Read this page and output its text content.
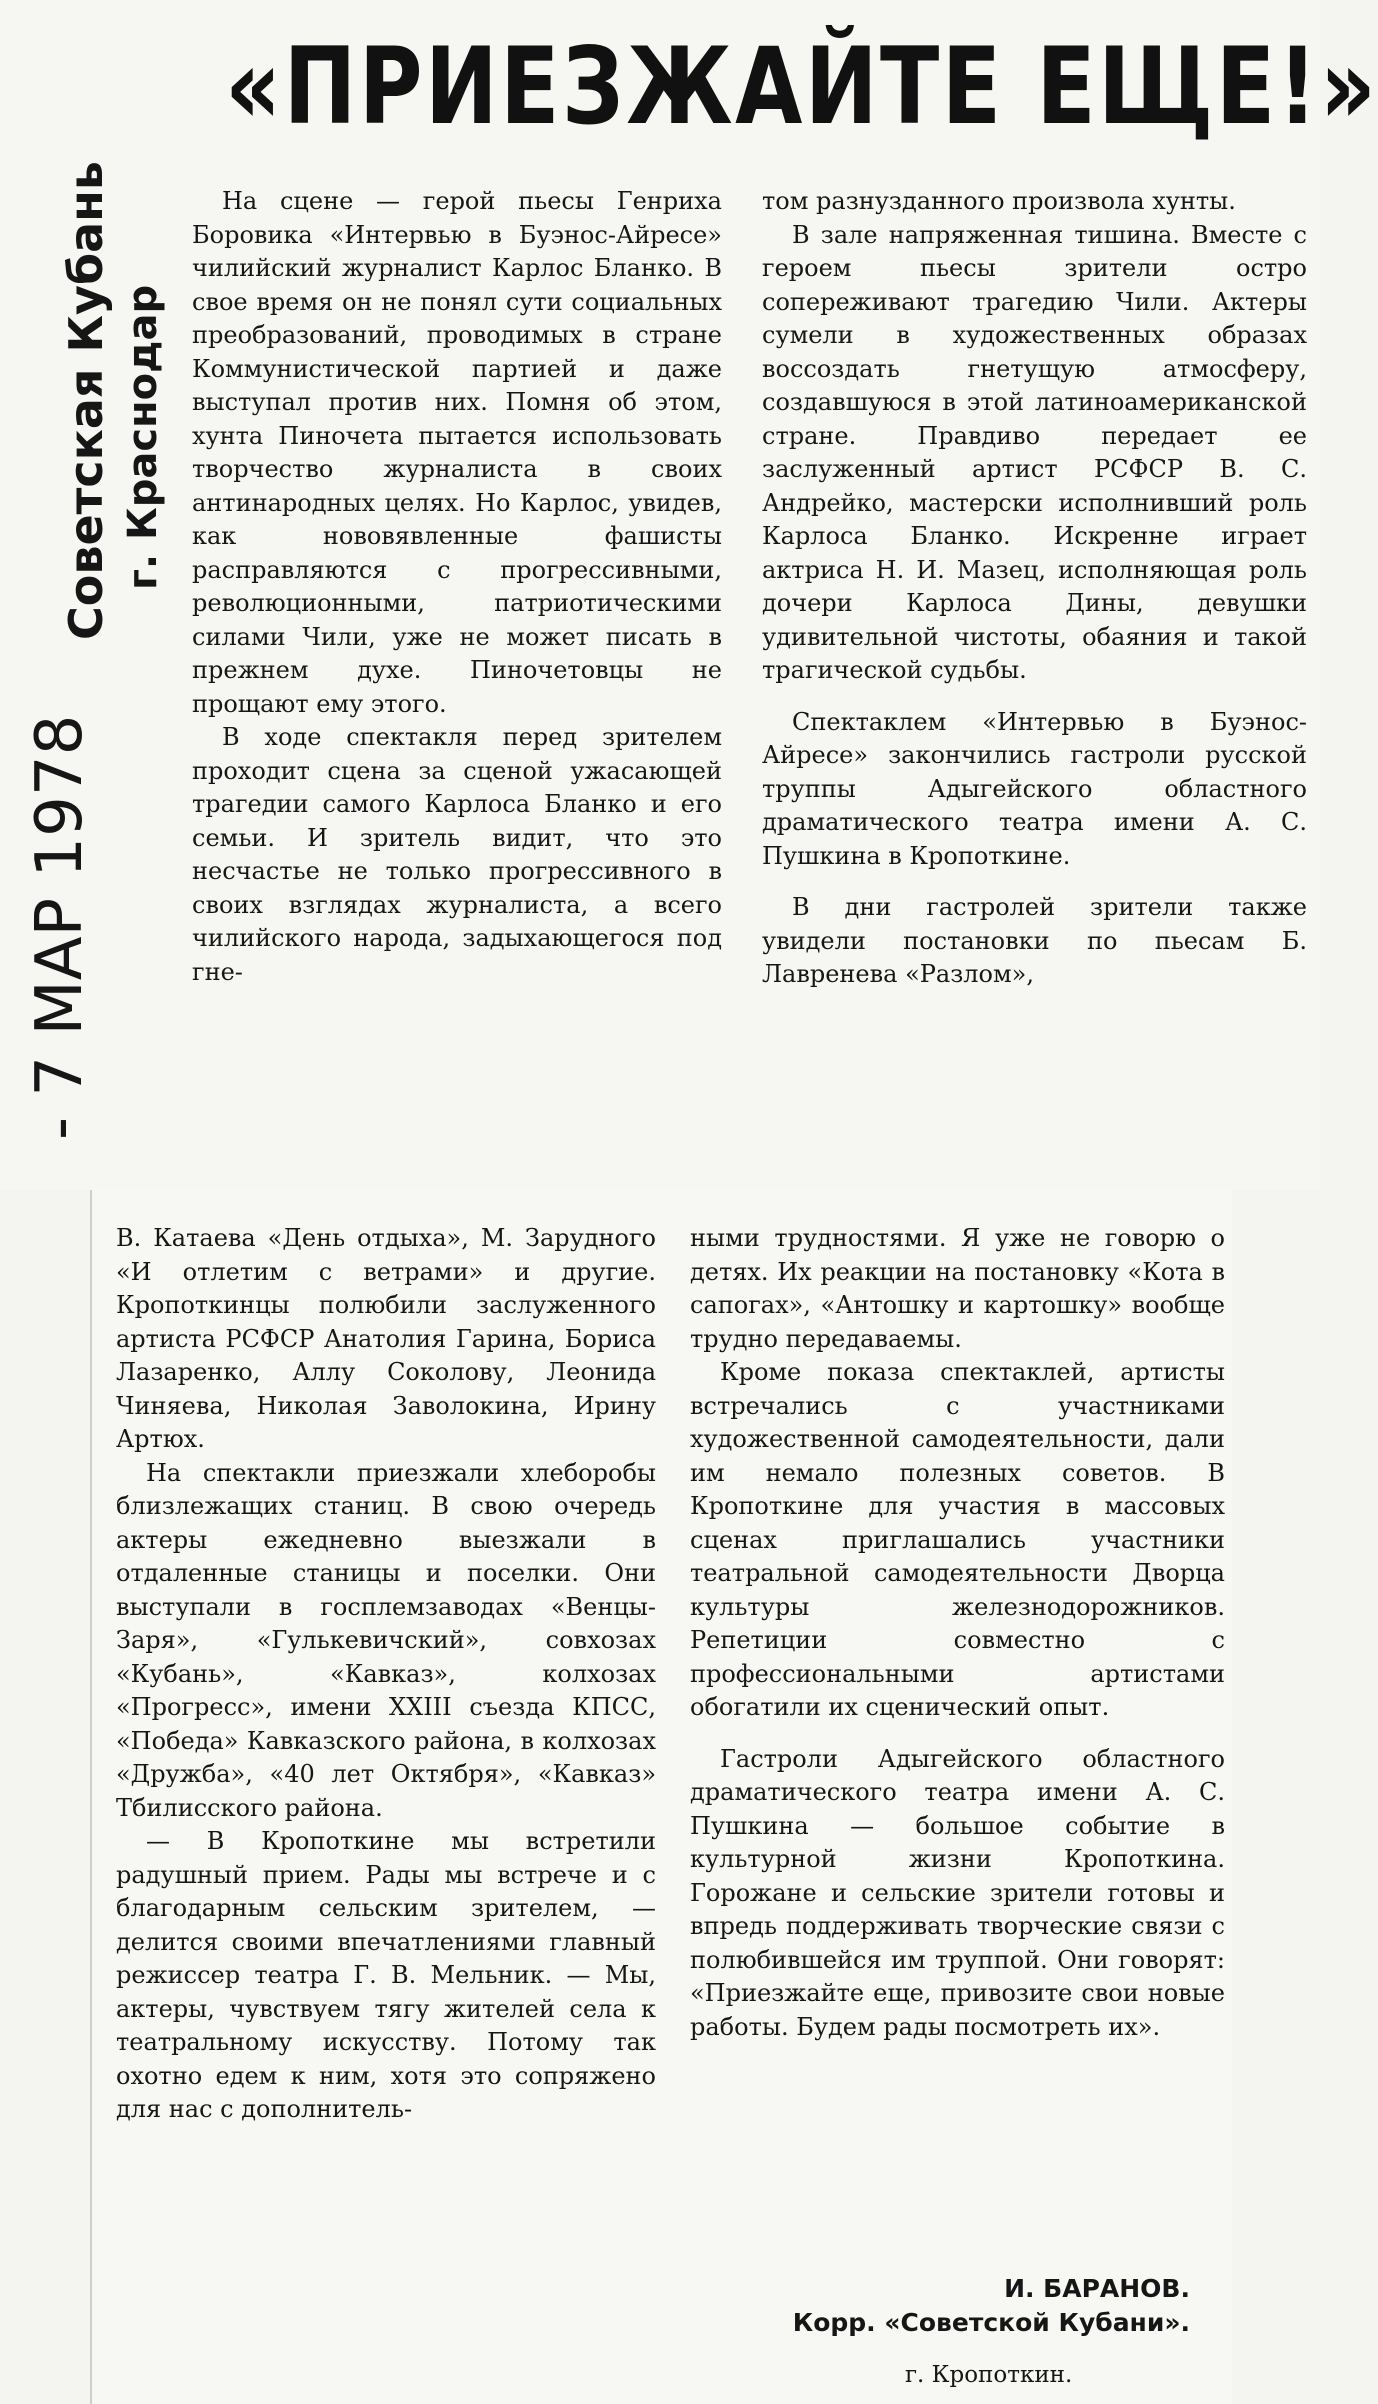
«ПРИЕЗЖАЙТЕ ЕЩЕ!»
Советская Кубань г. Краснодар
- 7 МАР 1978

На сцене — герой пьесы Генриха Боровика «Интервью в Буэнос-Айресе» чилийский журналист Карлос Бланко. В свое время он не понял сути социальных преобразований, проводимых в стране Коммунистической партией и даже выступал против них. Помня об этом, хунта Пиночета пытается использовать творчество журналиста в своих антинародных целях. Но Карлос, увидев, как нововявленные фашисты расправляются с прогрессивными, революционными, патриотическими силами Чили, уже не может писать в прежнем духе. Пиночетовцы не прощают ему этого.

В ходе спектакля перед зрителем проходит сцена за сценой ужасающей трагедии самого Карлоса Бланко и его семьи. И зритель видит, что это несчастье не только прогрессивного в своих взглядах журналиста, а всего чилийского народа, задыхающегося под гне-

том разнузданного произвола хунты.

В зале напряженная тишина. Вместе с героем пьесы зрители остро сопереживают трагедию Чили. Актеры сумели в художественных образах воссоздать гнетущую атмосферу, создавшуюся в этой латиноамериканской стране. Правдиво передает ее заслуженный артист РСФСР В. С. Андрейко, мастерски исполнивший роль Карлоса Бланко. Искренне играет актриса Н. И. Мазец, исполняющая роль дочери Карлоса Дины, девушки удивительной чистоты, обаяния и такой трагической судьбы.

Спектаклем «Интервью в Буэнос-Айресе» закончились гастроли русской труппы Адыгейского областного драматического театра имени А. С. Пушкина в Кропоткине.

В дни гастролей зрители также увидели постановки по пьесам Б. Лавренева «Разлом»,

В. Катаева «День отдыха», М. Зарудного «И отлетим с ветрами» и другие. Кропоткинцы полюбили заслуженного артиста РСФСР Анатолия Гарина, Бориса Лазаренко, Аллу Соколову, Леонида Чиняева, Николая Заволокина, Ирину Артюх.

На спектакли приезжали хлеборобы близлежащих станиц. В свою очередь актеры ежедневно выезжали в отдаленные станицы и поселки. Они выступали в госплемзаводах «Венцы-Заря», «Гулькевичский», совхозах «Кубань», «Кавказ», колхозах «Прогресс», имени XXIII съезда КПСС, «Победа» Кавказского района, в колхозах «Дружба», «40 лет Октября», «Кавказ» Тбилисского района.

— В Кропоткине мы встретили радушный прием. Рады мы встрече и с благодарным сельским зрителем, — делится своими впечатлениями главный режиссер театра Г. В. Мельник. — Мы, актеры, чувствуем тягу жителей села к театральному искусству. Потому так охотно едем к ним, хотя это сопряжено для нас с дополнитель-

ными трудностями. Я уже не говорю о детях. Их реакции на постановку «Кота в сапогах», «Антошку и картошку» вообще трудно передаваемы.

Кроме показа спектаклей, артисты встречались с участниками художественной самодеятельности, дали им немало полезных советов. В Кропоткине для участия в массовых сценах приглашались участники театральной самодеятельности Дворца культуры железнодорожников. Репетиции совместно с профессиональными артистами обогатили их сценический опыт.

Гастроли Адыгейского областного драматического театра имени А. С. Пушкина — большое событие в культурной жизни Кропоткина. Горожане и сельские зрители готовы и впредь поддерживать творческие связи с полюбившейся им труппой. Они говорят: «Приезжайте еще, привозите свои новые работы. Будем рады посмотреть их».

И. БАРАНОВ.
Корр. «Советской Кубани».
г. Кропоткин.
